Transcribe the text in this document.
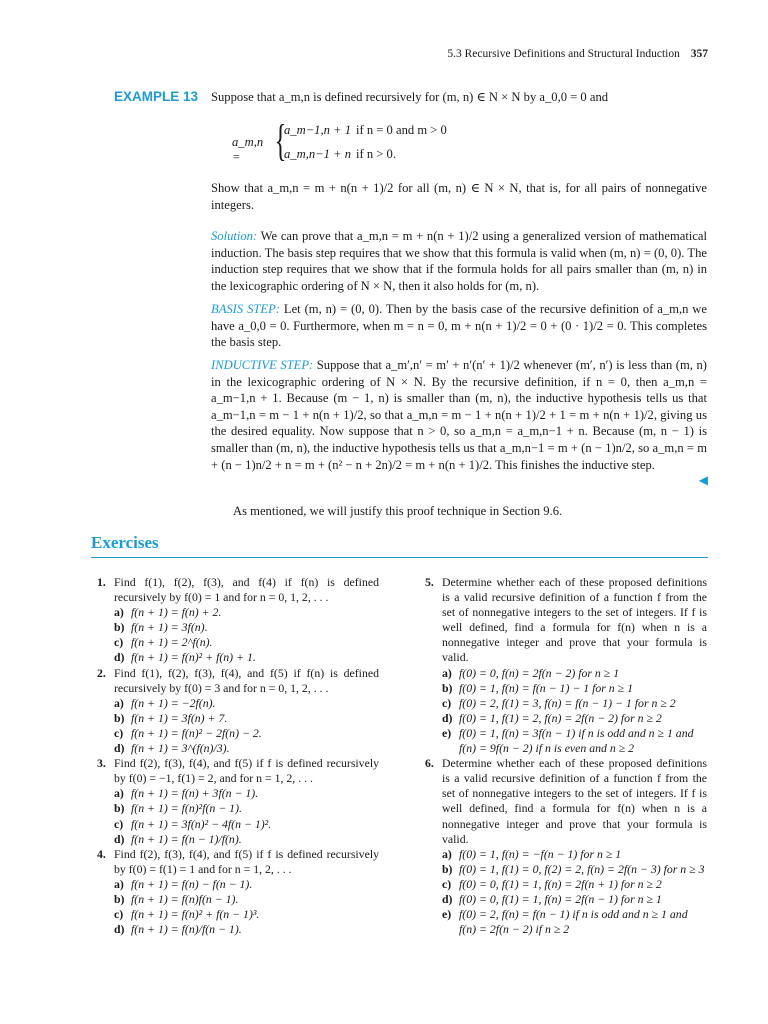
5.3 Recursive Definitions and Structural Induction 357
EXAMPLE 13 Suppose that a_m,n is defined recursively for (m, n) ∈ N × N by a_0,0 = 0 and

a_m,n = {
a_m−1,n + 1 if n = 0 and m > 0
a_m,n−1 + n if n > 0.

Show that a_m,n = m + n(n + 1)/2 for all (m, n) ∈ N × N, that is, for all pairs of nonnegative integers.

Solution: We can prove that a_m,n = m + n(n + 1)/2 using a generalized version of mathematical induction. The basis step requires that we show that this formula is valid when (m, n) = (0, 0). The induction step requires that we show that if the formula holds for all pairs smaller than (m, n) in the lexicographic ordering of N × N, then it also holds for (m, n).

BASIS STEP: Let (m, n) = (0, 0). Then by the basis case of the recursive definition of a_m,n we have a_0,0 = 0. Furthermore, when m = n = 0, m + n(n + 1)/2 = 0 + (0 · 1)/2 = 0. This completes the basis step.

INDUCTIVE STEP: Suppose that a_m′,n′ = m′ + n′(n′ + 1)/2 whenever (m′, n′) is less than (m, n) in the lexicographic ordering of N × N. By the recursive definition, if n = 0, then a_m,n = a_m−1,n + 1. Because (m − 1, n) is smaller than (m, n), the inductive hypothesis tells us that a_m−1,n = m − 1 + n(n + 1)/2, so that a_m,n = m − 1 + n(n + 1)/2 + 1 = m + n(n + 1)/2, giving us the desired equality. Now suppose that n > 0, so a_m,n = a_m,n−1 + n. Because (m, n − 1) is smaller than (m, n), the inductive hypothesis tells us that a_m,n−1 = m + (n − 1)n/2, so a_m,n = m + (n − 1)n/2 + n = m + (n² − n + 2n)/2 = m + n(n + 1)/2. This finishes the inductive step.

◀
As mentioned, we will justify this proof technique in Section 9.6.
Exercises
1. Find f(1), f(2), f(3), and f(4) if f(n) is defined recursively by f(0) = 1 and for n = 0, 1, 2, . . .
a) f(n + 1) = f(n) + 2.
b) f(n + 1) = 3f(n).
c) f(n + 1) = 2^f(n).
d) f(n + 1) = f(n)² + f(n) + 1.
2. Find f(1), f(2), f(3), f(4), and f(5) if f(n) is defined recursively by f(0) = 3 and for n = 0, 1, 2, . . .
a) f(n + 1) = −2f(n).
b) f(n + 1) = 3f(n) + 7.
c) f(n + 1) = f(n)² − 2f(n) − 2.
d) f(n + 1) = 3^(f(n)/3).
3. Find f(2), f(3), f(4), and f(5) if f is defined recursively by f(0) = −1, f(1) = 2, and for n = 1, 2, . . .
a) f(n + 1) = f(n) + 3f(n − 1).
b) f(n + 1) = f(n)²f(n − 1).
c) f(n + 1) = 3f(n)² − 4f(n − 1)².
d) f(n + 1) = f(n − 1)/f(n).
4. Find f(2), f(3), f(4), and f(5) if f is defined recursively by f(0) = f(1) = 1 and for n = 1, 2, . . .
a) f(n + 1) = f(n) − f(n − 1).
b) f(n + 1) = f(n)f(n − 1).
c) f(n + 1) = f(n)² + f(n − 1)³.
d) f(n + 1) = f(n)/f(n − 1).
5. Determine whether each of these proposed definitions is a valid recursive definition of a function f from the set of nonnegative integers to the set of integers. If f is well defined, find a formula for f(n) when n is a nonnegative integer and prove that your formula is valid.
a) f(0) = 0, f(n) = 2f(n − 2) for n ≥ 1
b) f(0) = 1, f(n) = f(n − 1) − 1 for n ≥ 1
c) f(0) = 2, f(1) = 3, f(n) = f(n − 1) − 1 for n ≥ 2
d) f(0) = 1, f(1) = 2, f(n) = 2f(n − 2) for n ≥ 2
e) f(0) = 1, f(n) = 3f(n − 1) if n is odd and n ≥ 1 and f(n) = 9f(n − 2) if n is even and n ≥ 2
6. Determine whether each of these proposed definitions is a valid recursive definition of a function f from the set of nonnegative integers to the set of integers. If f is well defined, find a formula for f(n) when n is a nonnegative integer and prove that your formula is valid.
a) f(0) = 1, f(n) = −f(n − 1) for n ≥ 1
b) f(0) = 1, f(1) = 0, f(2) = 2, f(n) = 2f(n − 3) for n ≥ 3
c) f(0) = 0, f(1) = 1, f(n) = 2f(n + 1) for n ≥ 2
d) f(0) = 0, f(1) = 1, f(n) = 2f(n − 1) for n ≥ 1
e) f(0) = 2, f(n) = f(n − 1) if n is odd and n ≥ 1 and f(n) = 2f(n − 2) if n ≥ 2
